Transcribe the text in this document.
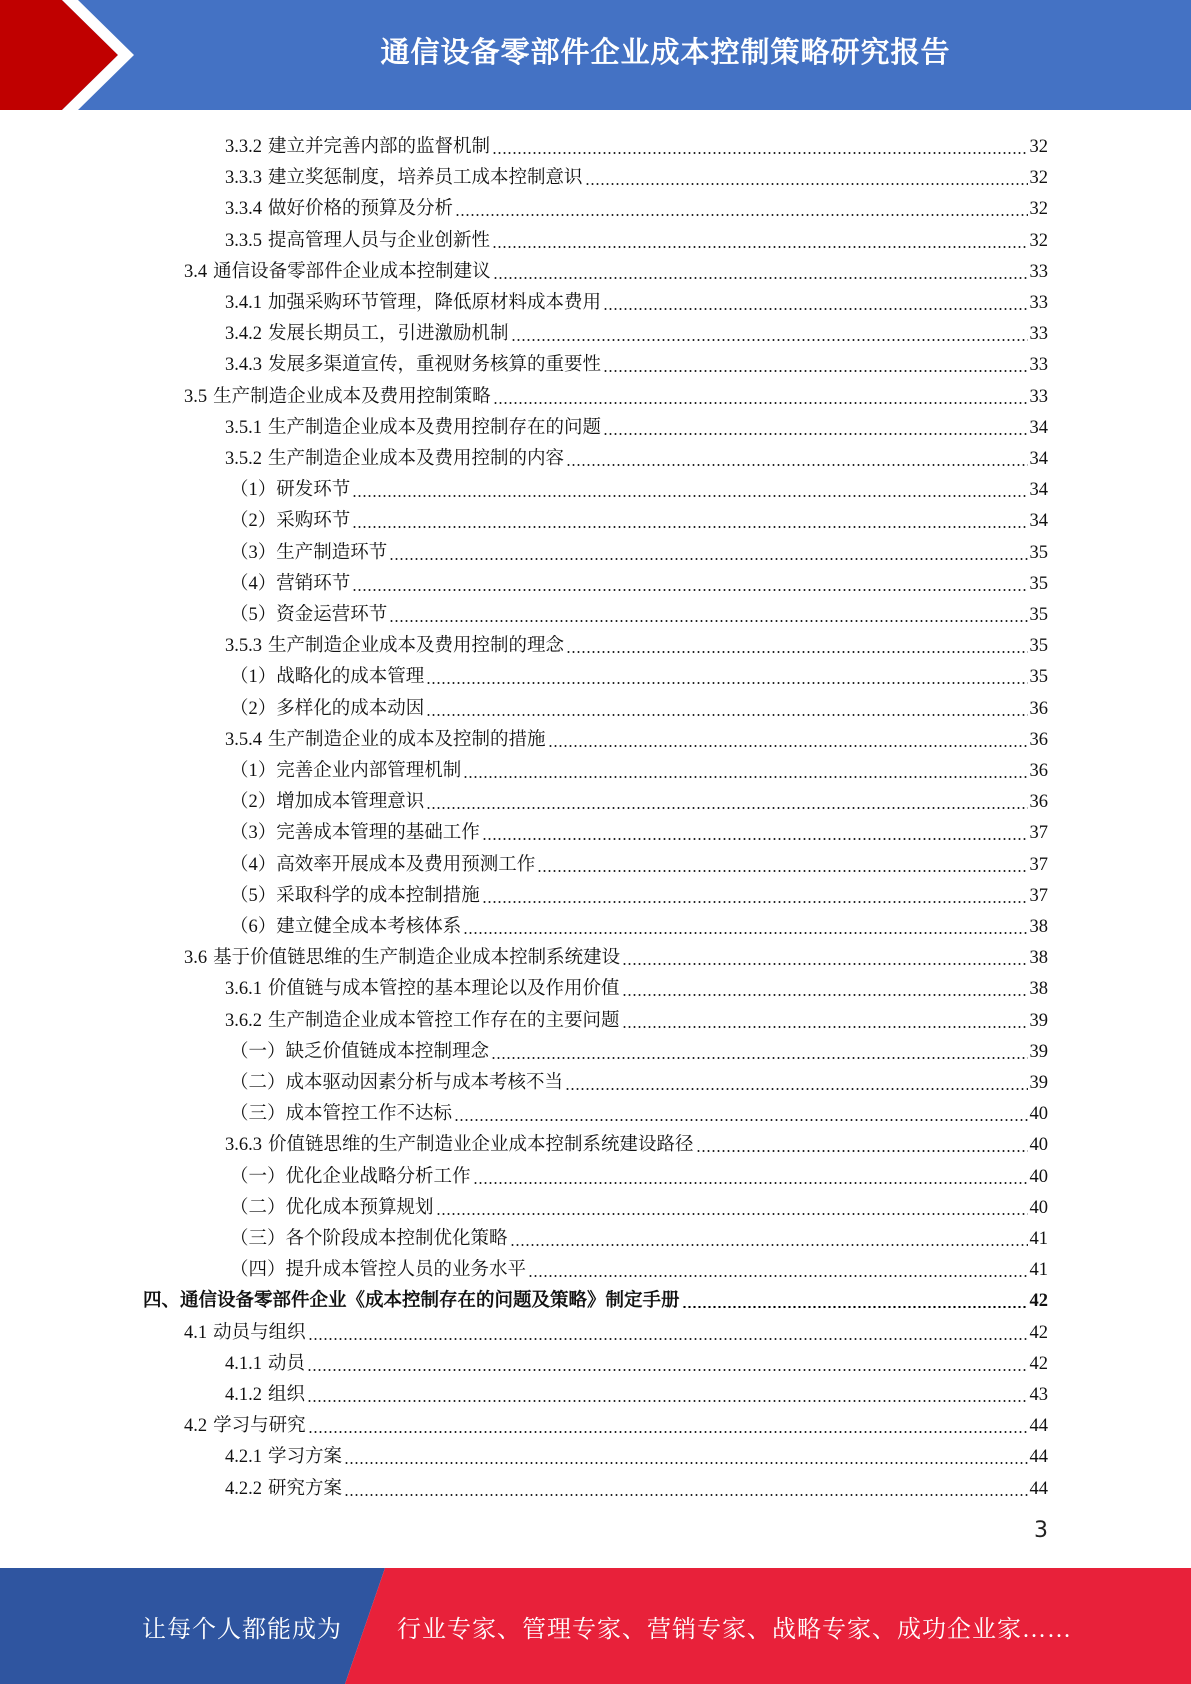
通信设备零部件企业成本控制策略研究报告
3.3.2 建立并完善内部的监督机制	32
3.3.3 建立奖惩制度，培养员工成本控制意识	32
3.3.4 做好价格的预算及分析	32
3.3.5 提高管理人员与企业创新性	32
3.4 通信设备零部件企业成本控制建议	33
3.4.1 加强采购环节管理，降低原材料成本费用	33
3.4.2 发展长期员工，引进激励机制	33
3.4.3 发展多渠道宣传，重视财务核算的重要性	33
3.5 生产制造企业成本及费用控制策略	33
3.5.1 生产制造企业成本及费用控制存在的问题	34
3.5.2 生产制造企业成本及费用控制的内容	34
（1）研发环节	34
（2）采购环节	34
（3）生产制造环节	35
（4）营销环节	35
（5）资金运营环节	35
3.5.3 生产制造企业成本及费用控制的理念	35
（1）战略化的成本管理	35
（2）多样化的成本动因	36
3.5.4 生产制造企业的成本及控制的措施	36
（1）完善企业内部管理机制	36
（2）增加成本管理意识	36
（3）完善成本管理的基础工作	37
（4）高效率开展成本及费用预测工作	37
（5）采取科学的成本控制措施	37
（6）建立健全成本考核体系	38
3.6 基于价值链思维的生产制造企业成本控制系统建设	38
3.6.1 价值链与成本管控的基本理论以及作用价值	38
3.6.2 生产制造企业成本管控工作存在的主要问题	39
（一）缺乏价值链成本控制理念	39
（二）成本驱动因素分析与成本考核不当	39
（三）成本管控工作不达标	40
3.6.3 价值链思维的生产制造业企业成本控制系统建设路径	40
（一）优化企业战略分析工作	40
（二）优化成本预算规划	40
（三）各个阶段成本控制优化策略	41
（四）提升成本管控人员的业务水平	41
四、通信设备零部件企业《成本控制存在的问题及策略》制定手册	42
4.1 动员与组织	42
4.1.1 动员	42
4.1.2 组织	43
4.2 学习与研究	44
4.2.1 学习方案	44
4.2.2 研究方案	44
3
让每个人都能成为 行业专家、管理专家、营销专家、战略专家、成功企业家……
